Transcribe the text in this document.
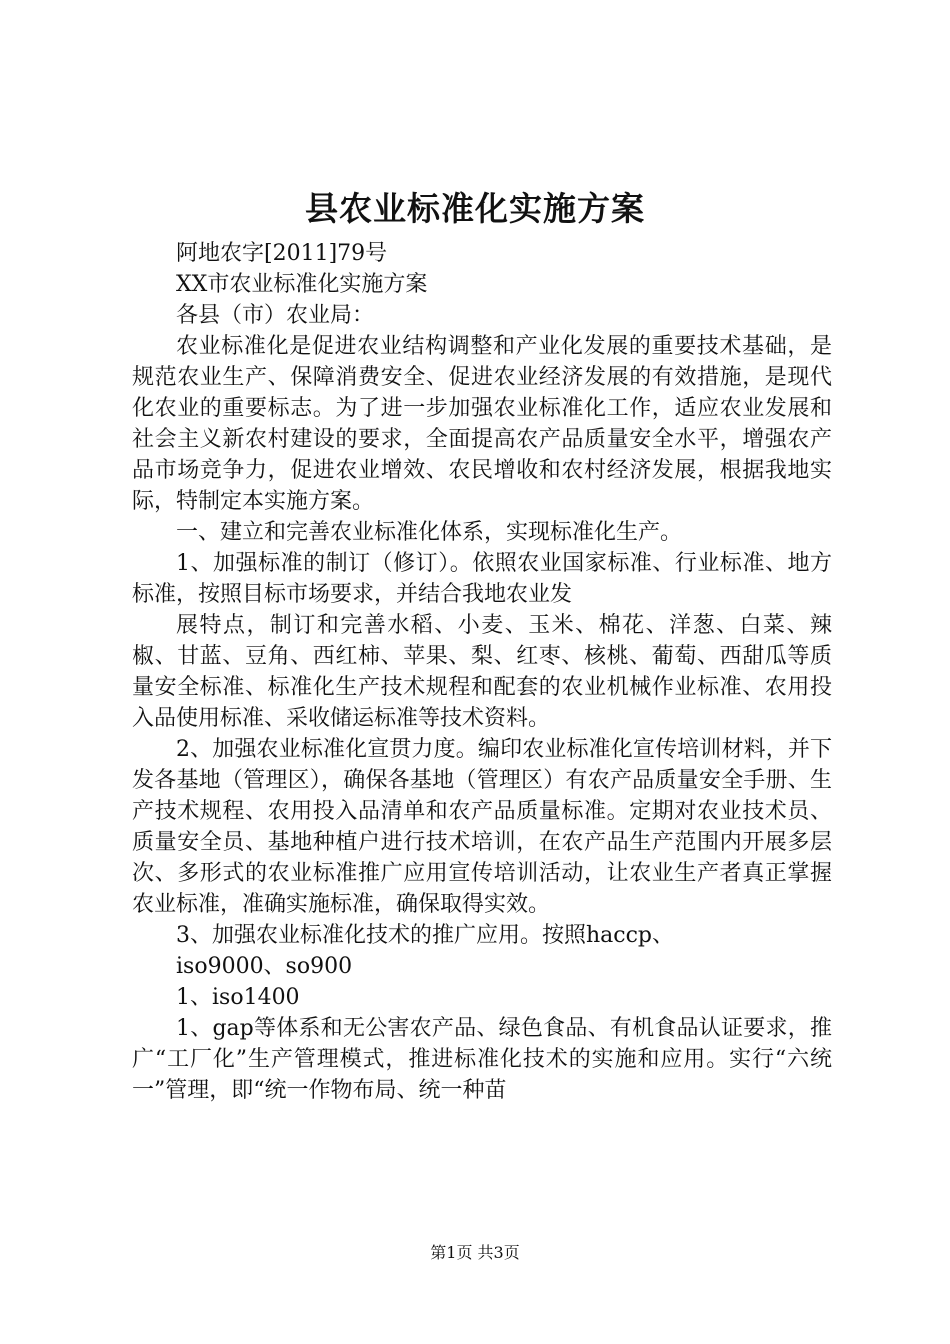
县农业标准化实施方案

阿地农字[2011]79号

XX市农业标准化实施方案

各县（市）农业局：

农业标准化是促进农业结构调整和产业化发展的重要技术基础，是规范农业生产、保障消费安全、促进农业经济发展的有效措施，是现代化农业的重要标志。为了进一步加强农业标准化工作，适应农业发展和社会主义新农村建设的要求，全面提高农产品质量安全水平，增强农产品市场竞争力，促进农业增效、农民增收和农村经济发展，根据我地实际，特制定本实施方案。

一、建立和完善农业标准化体系，实现标准化生产。

1、加强标准的制订（修订）。依照农业国家标准、行业标准、地方标准，按照目标市场要求，并结合我地农业发

展特点，制订和完善水稻、小麦、玉米、棉花、洋葱、白菜、辣椒、甘蓝、豆角、西红柿、苹果、梨、红枣、核桃、葡萄、西甜瓜等质量安全标准、标准化生产技术规程和配套的农业机械作业标准、农用投入品使用标准、采收储运标准等技术资料。

2、加强农业标准化宣贯力度。编印农业标准化宣传培训材料，并下发各基地（管理区），确保各基地（管理区）有农产品质量安全手册、生产技术规程、农用投入品清单和农产品质量标准。定期对农业技术员、质量安全员、基地种植户进行技术培训，在农产品生产范围内开展多层次、多形式的农业标准推广应用宣传培训活动，让农业生产者真正掌握农业标准，准确实施标准，确保取得实效。

3、加强农业标准化技术的推广应用。按照haccp、

iso9000、so900

1、iso1400

1、gap等体系和无公害农产品、绿色食品、有机食品认证要求，推广“工厂化”生产管理模式，推进标准化技术的实施和应用。实行“六统一”管理，即“统一作物布局、统一种苗

第1页 共3页
